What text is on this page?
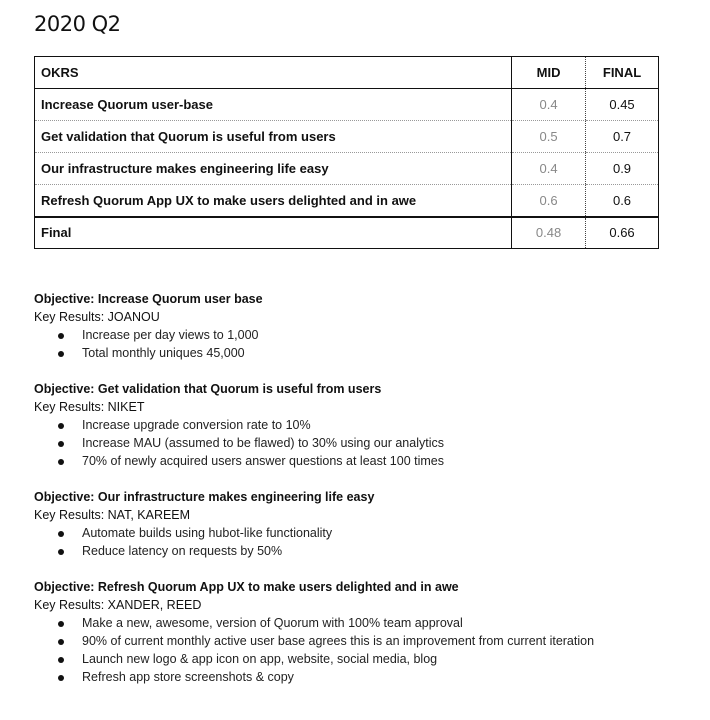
2020 Q2
OKRS	MID	FINAL
Increase Quorum user-base	0.4	0.45
Get validation that Quorum is useful from users	0.5	0.7
Our infrastructure makes engineering life easy	0.4	0.9
Refresh Quorum App UX to make users delighted and in awe	0.6	0.6
Final	0.48	0.66
Objective: Increase Quorum user base
Key Results: JOANOU
Increase per day views to 1,000
Total monthly uniques 45,000
Objective: Get validation that Quorum is useful from users
Key Results: NIKET
Increase upgrade conversion rate to 10%
Increase MAU (assumed to be flawed) to 30% using our analytics
70% of newly acquired users answer questions at least 100 times
Objective: Our infrastructure makes engineering life easy
Key Results: NAT, KAREEM
Automate builds using hubot-like functionality
Reduce latency on requests by 50%
Objective: Refresh Quorum App UX to make users delighted and in awe
Key Results: XANDER, REED
Make a new, awesome, version of Quorum with 100% team approval
90% of current monthly active user base agrees this is an improvement from current iteration
Launch new logo & app icon on app, website, social media, blog
Refresh app store screenshots & copy
